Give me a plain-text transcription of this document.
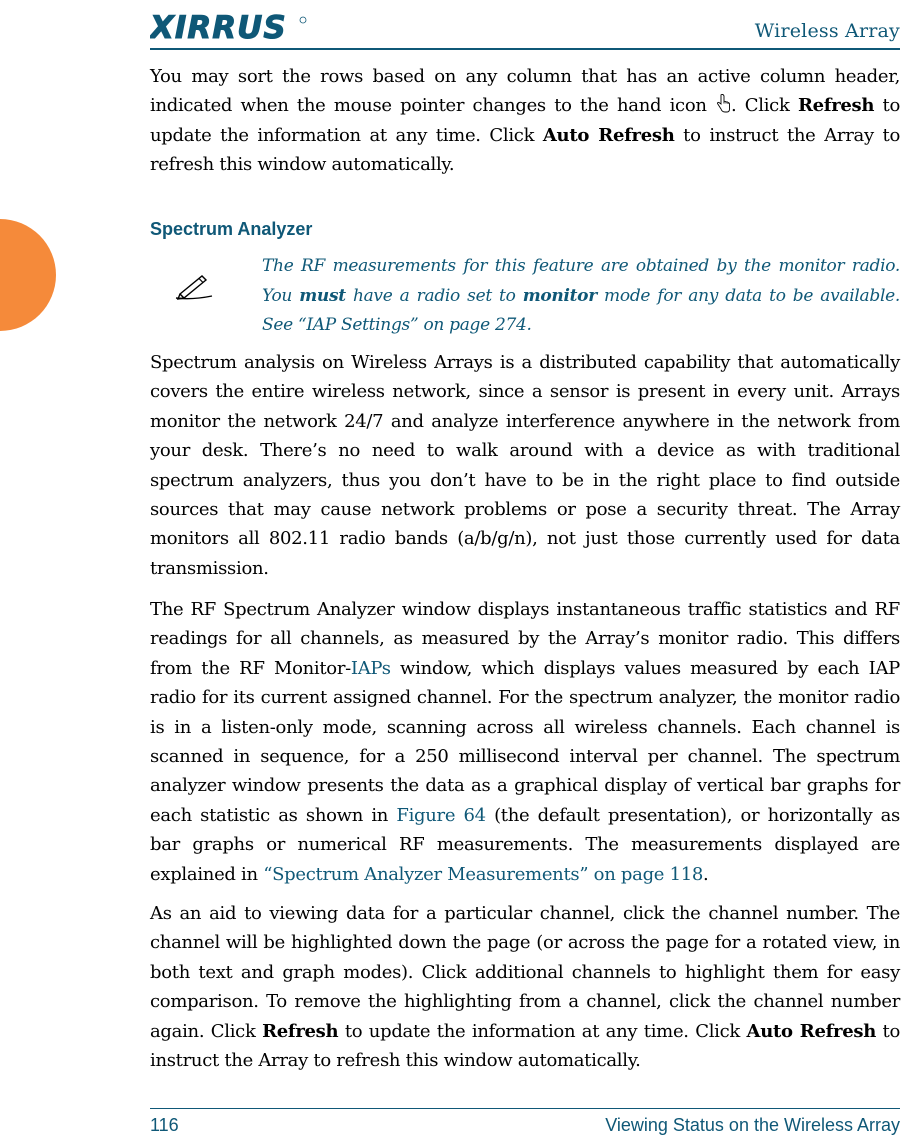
XIRRUS	Wireless Array

You may sort the rows based on any column that has an active column header, indicated when the mouse pointer changes to the hand icon . Click Refresh to update the information at any time. Click Auto Refresh to instruct the Array to refresh this window automatically.

Spectrum Analyzer

The RF measurements for this feature are obtained by the monitor radio. You must have a radio set to monitor mode for any data to be available. See “IAP Settings” on page 274.

Spectrum analysis on Wireless Arrays is a distributed capability that automatically covers the entire wireless network, since a sensor is present in every unit. Arrays monitor the network 24/7 and analyze interference anywhere in the network from your desk. There’s no need to walk around with a device as with traditional spectrum analyzers, thus you don’t have to be in the right place to find outside sources that may cause network problems or pose a security threat. The Array monitors all 802.11 radio bands (a/b/g/n), not just those currently used for data transmission.

The RF Spectrum Analyzer window displays instantaneous traffic statistics and RF readings for all channels, as measured by the Array’s monitor radio. This differs from the RF Monitor-IAPs window, which displays values measured by each IAP radio for its current assigned channel. For the spectrum analyzer, the monitor radio is in a listen-only mode, scanning across all wireless channels. Each channel is scanned in sequence, for a 250 millisecond interval per channel. The spectrum analyzer window presents the data as a graphical display of vertical bar graphs for each statistic as shown in Figure 64 (the default presentation), or horizontally as bar graphs or numerical RF measurements. The measurements displayed are explained in “Spectrum Analyzer Measurements” on page 118.

As an aid to viewing data for a particular channel, click the channel number. The channel will be highlighted down the page (or across the page for a rotated view, in both text and graph modes). Click additional channels to highlight them for easy comparison. To remove the highlighting from a channel, click the channel number again. Click Refresh to update the information at any time. Click Auto Refresh to instruct the Array to refresh this window automatically.

116	Viewing Status on the Wireless Array
